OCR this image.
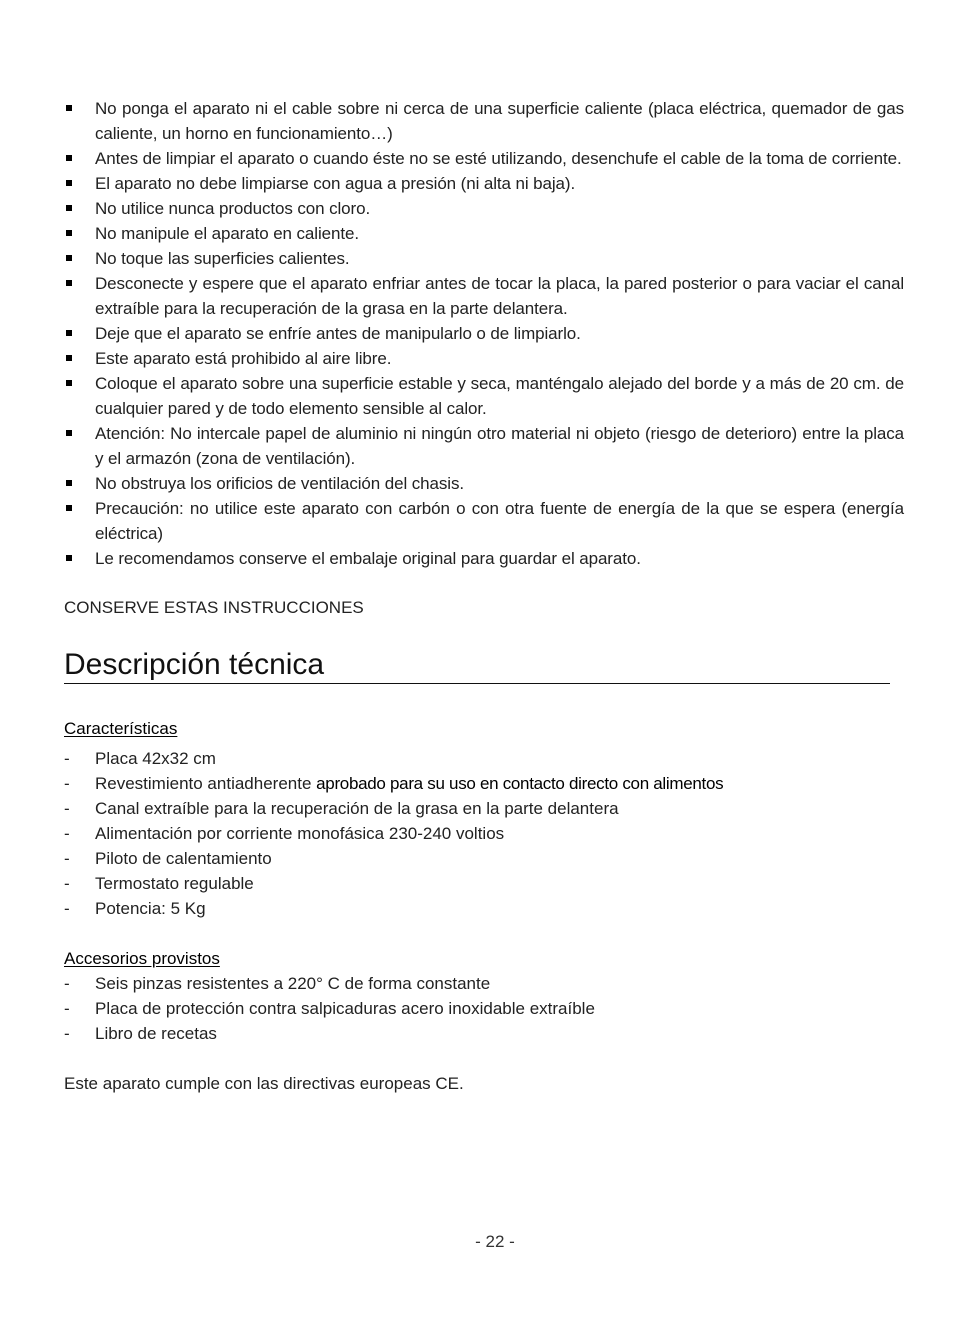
No ponga el aparato ni el cable sobre ni cerca de una superficie caliente (placa eléctrica, quemador de gas caliente, un horno en funcionamiento…)
Antes de limpiar el aparato o cuando éste no se esté utilizando, desenchufe el cable de la toma de corriente.
El aparato no debe limpiarse con agua a presión (ni alta ni baja).
No utilice nunca productos con cloro.
No manipule el aparato en caliente.
No toque las superficies calientes.
Desconecte y espere que el aparato enfriar antes de tocar la placa, la pared posterior o para vaciar el canal extraíble para la recuperación de la grasa en la parte delantera.
Deje que el aparato se enfríe antes de manipularlo o de limpiarlo.
Este aparato está prohibido al aire libre.
Coloque el aparato sobre una superficie estable y seca, manténgalo alejado del borde y a más de 20 cm. de cualquier pared y de todo elemento sensible al calor.
Atención: No intercale papel de aluminio ni ningún otro material ni objeto (riesgo de deterioro) entre la placa y el armazón (zona de ventilación).
No obstruya los orificios de ventilación del chasis.
Precaución: no utilice este aparato con carbón o con otra fuente de energía de la que se espera (energía eléctrica)
Le recomendamos conserve el embalaje original para guardar el aparato.

CONSERVE ESTAS INSTRUCCIONES

Descripción técnica

Características

- Placa 42x32 cm
- Revestimiento antiadherente aprobado para su uso en contacto directo con alimentos
- Canal extraíble para la recuperación de la grasa en la parte delantera
- Alimentación por corriente monofásica 230-240 voltios
- Piloto de calentamiento
- Termostato regulable
- Potencia: 5 Kg

Accesorios provistos

- Seis pinzas resistentes a 220° C de forma constante
- Placa de protección contra salpicaduras acero inoxidable extraíble
- Libro de recetas

Este aparato cumple con las directivas europeas CE.

- 22 -
